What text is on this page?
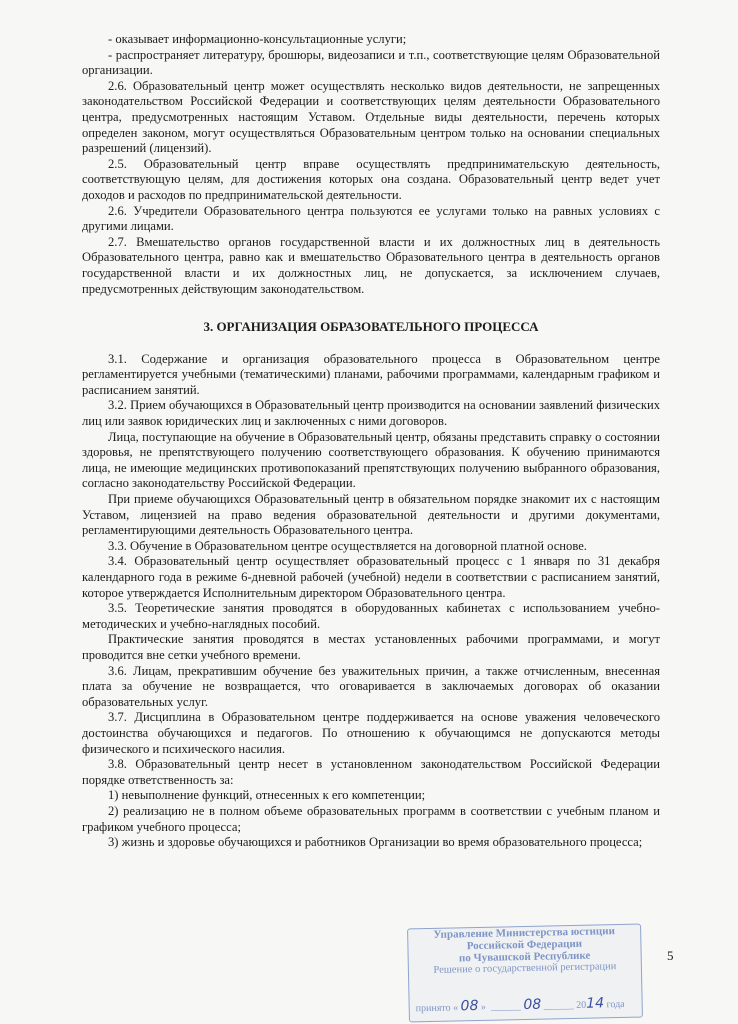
- оказывает информационно-консультационные услуги;

- распространяет литературу, брошюры, видеозаписи и т.п., соответствующие целям Образовательной организации.

2.6. Образовательный центр может осуществлять несколько видов деятельности, не запрещенных законодательством Российской Федерации и соответствующих целям деятельности Образовательного центра, предусмотренных настоящим Уставом. Отдельные виды деятельности, перечень которых определен законом, могут осуществляться Образовательным центром только на основании специальных разрешений (лицензий).

2.5. Образовательный центр вправе осуществлять предпринимательскую деятельность, соответствующую целям, для достижения которых она создана. Образовательный центр ведет учет доходов и расходов по предпринимательской деятельности.

2.6. Учредители Образовательного центра пользуются ее услугами только на равных условиях с другими лицами.

2.7. Вмешательство органов государственной власти и их должностных лиц в деятельность Образовательного центра, равно как и вмешательство Образовательного центра в деятельность органов государственной власти и их должностных лиц, не допускается, за исключением случаев, предусмотренных действующим законодательством.

3. ОРГАНИЗАЦИЯ ОБРАЗОВАТЕЛЬНОГО ПРОЦЕССА

3.1. Содержание и организация образовательного процесса в Образовательном центре регламентируется учебными (тематическими) планами, рабочими программами, календарным графиком и расписанием занятий.

3.2. Прием обучающихся в Образовательный центр производится на основании заявлений физических лиц или заявок юридических лиц и заключенных с ними договоров.

Лица, поступающие на обучение в Образовательный центр, обязаны представить справку о состоянии здоровья, не препятствующего получению соответствующего образования. К обучению принимаются лица, не имеющие медицинских противопоказаний препятствующих получению выбранного образования, согласно законодательству Российской Федерации.

При приеме обучающихся Образовательный центр в обязательном порядке знакомит их с настоящим Уставом, лицензией на право ведения образовательной деятельности и другими документами, регламентирующими деятельность Образовательного центра.

3.3. Обучение в Образовательном центре осуществляется на договорной платной основе.

3.4. Образовательный центр осуществляет образовательный процесс с 1 января по 31 декабря календарного года в режиме 6-дневной рабочей (учебной) недели в соответствии с расписанием занятий, которое утверждается Исполнительным директором Образовательного центра.

3.5. Теоретические занятия проводятся в оборудованных кабинетах с использованием учебно-методических и учебно-наглядных пособий.

Практические занятия проводятся в местах установленных рабочими программами, и могут проводится вне сетки учебного времени.

3.6. Лицам, прекратившим обучение без уважительных причин, а также отчисленным, внесенная плата за обучение не возвращается, что оговаривается в заключаемых договорах об оказании образовательных услуг.

3.7. Дисциплина в Образовательном центре поддерживается на основе уважения человеческого достоинства обучающихся и педагогов. По отношению к обучающимся не допускаются методы физического и психического насилия.

3.8. Образовательный центр несет в установленном законодательством Российской Федерации порядке ответственность за:

1) невыполнение функций, отнесенных к его компетенции;

2) реализацию не в полном объеме образовательных программ в соответствии с учебным планом и графиком учебного процесса;

3) жизнь и здоровье обучающихся и работников Организации во время образовательного процесса;

5
Управление Министерства юстиции
Российской Федерации
по Чувашской Республике
Решение о государственной регистрации
принято « 08 »  ______ 08 ______ 2014 года
